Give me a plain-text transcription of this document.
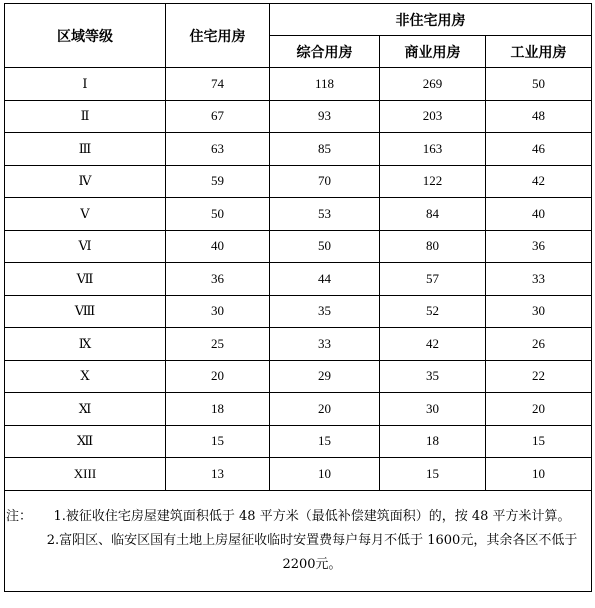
区域等级	住宅用房	非住宅用房		
		综合用房	商业用房	工业用房
Ⅰ	74	118	269	50
Ⅱ	67	93	203	48
Ⅲ	63	85	163	46
Ⅳ	59	70	122	42
Ⅴ	50	53	84	40
Ⅵ	40	50	80	36
Ⅶ	36	44	57	33
Ⅷ	30	35	52	30
Ⅸ	25	33	42	26
Ⅹ	20	29	35	22
Ⅺ	18	20	30	20
Ⅻ	15	15	18	15
XIII	13	10	15	10

注： 1.被征收住宅房屋建筑面积低于 48 平方米（最低补偿建筑面积）的，按 48 平方米计算。
2.富阳区、临安区国有土地上房屋征收临时安置费每户每月不低于 1600元，其余各区不低于 2200元。				
